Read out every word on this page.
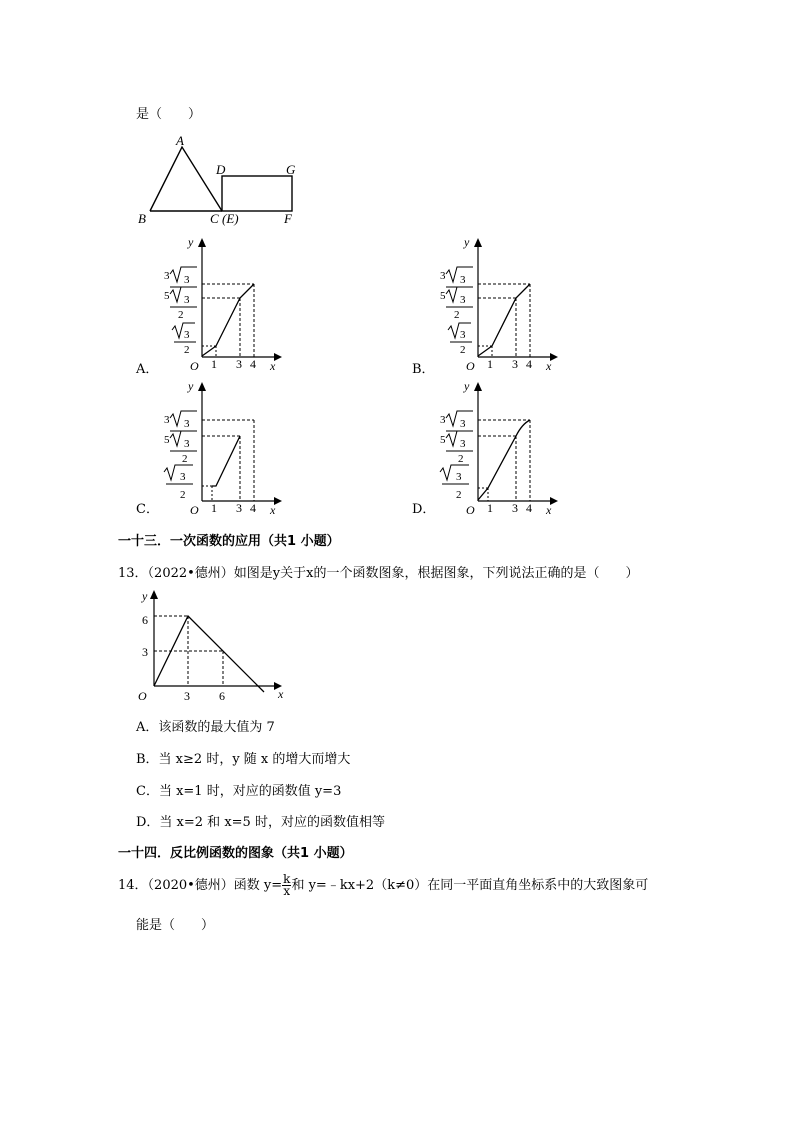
是（　　）
A
B	C (E)
D	G
F
A．
y
x
O 1 3 4
3 3
5 3
2
3
2
B．
y
x
O 1 3 4
3 3
5 3
2
3
2
C．
y
x
O 1 3 4
3 3
5 3
2
3
2
D．
y
x
O 1 3 4
3 3
5 3
2
3
2
一十三．一次函数的应用（共1 小题）
13．（2022•德州）如图是y关于x的一个函数图象，根据图象，下列说法正确的是（　　）
y
x
O
6
3
3 6
A．该函数的最大值为 7
B．当 x≥2 时，y 随 x 的增大而增大
C．当 x=1 时，对应的函数值 y=3
D．当 x=2 和 x=5 时，对应的函数值相等
一十四．反比例函数的图象（共1 小题）
14．（2020•德州）函数 $y= \frac{k}{x}$ 和 y=﹣kx+2（k≠0）在同一平面直角坐标系中的大致图象可
能是（　　）
